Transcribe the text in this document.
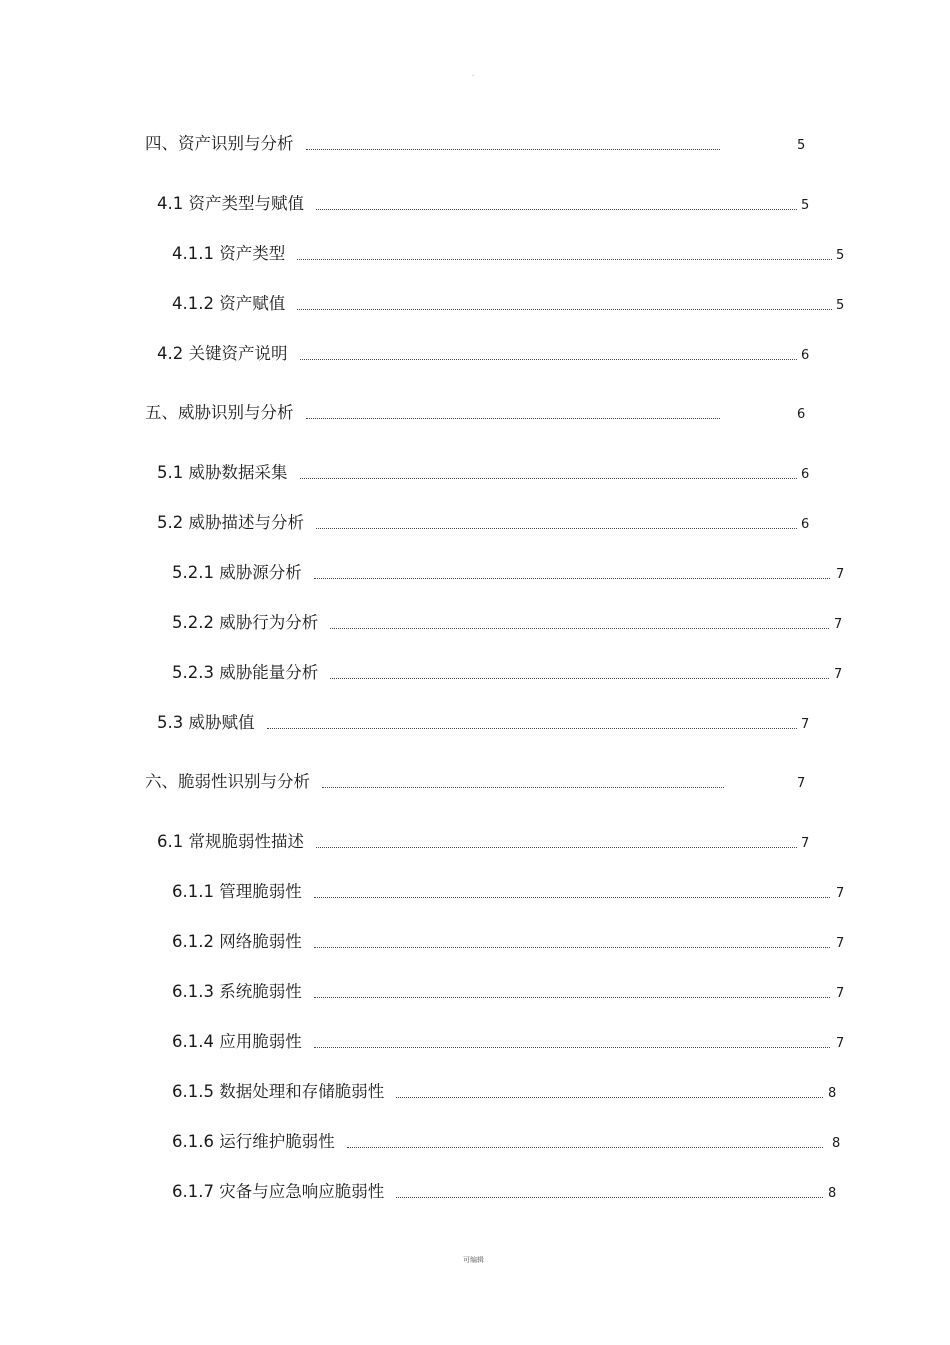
.
四、资产识别与分析	5
4.1 资产类型与赋值	5
4.1.1 资产类型	5
4.1.2 资产赋值	5
4.2 关键资产说明	6
五、威胁识别与分析	6
5.1 威胁数据采集	6
5.2 威胁描述与分析	6
5.2.1 威胁源分析	7
5.2.2 威胁行为分析	7
5.2.3 威胁能量分析	7
5.3 威胁赋值	7
六、脆弱性识别与分析	7
6.1 常规脆弱性描述	7
6.1.1 管理脆弱性	7
6.1.2 网络脆弱性	7
6.1.3 系统脆弱性	7
6.1.4 应用脆弱性	7
6.1.5 数据处理和存储脆弱性	8
6.1.6 运行维护脆弱性	8
6.1.7 灾备与应急响应脆弱性	8
可编辑
